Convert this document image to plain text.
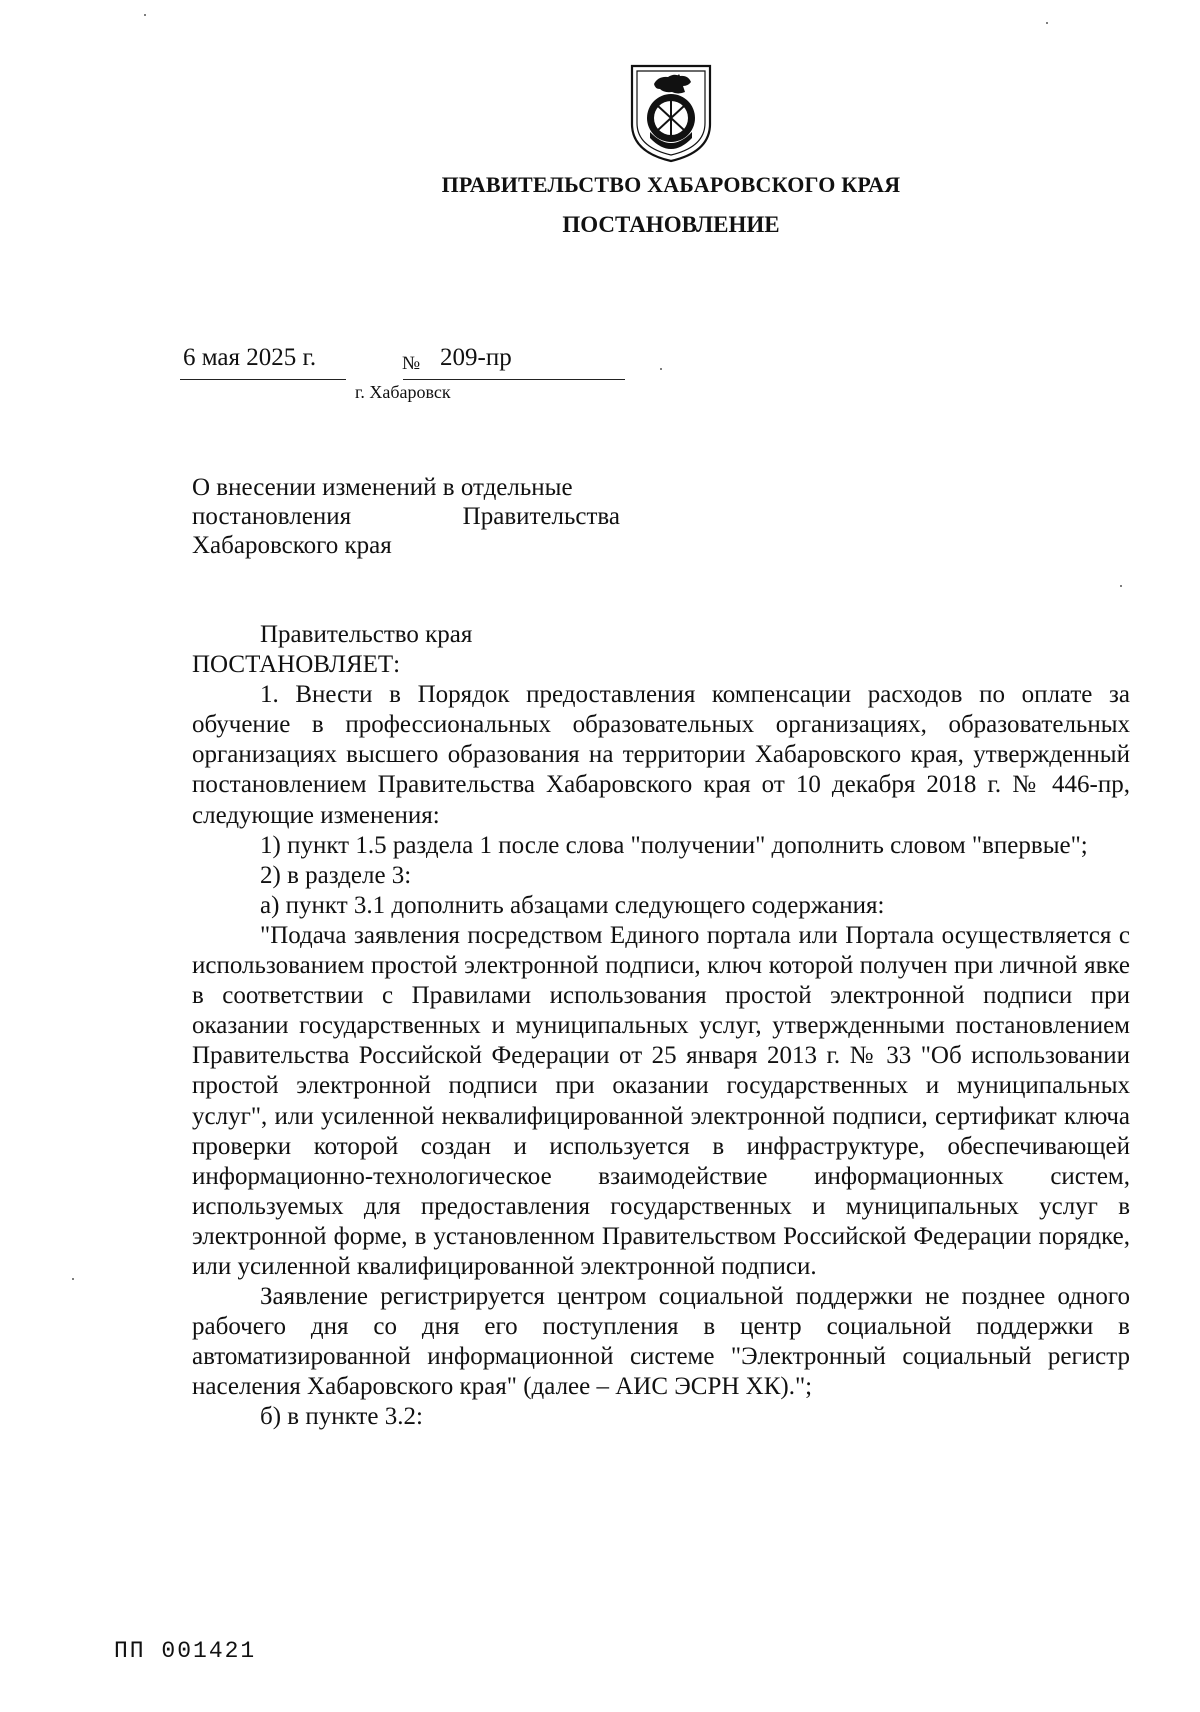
ПРАВИТЕЛЬСТВО ХАБАРОВСКОГО КРАЯ
ПОСТАНОВЛЕНИЕ
6 мая 2025 г.	№ 209-пр
г. Хабаровск
О внесении изменений в отдельные
постановления Правительства
Хабаровского края

Правительство края

ПОСТАНОВЛЯЕТ:

1. Внести в Порядок предоставления компенсации расходов по оплате за обучение в профессиональных образовательных организациях, образовательных организациях высшего образования на территории Хабаровского края, утвержденный постановлением Правительства Хабаровского края от 10 декабря 2018 г. № 446-пр, следующие изменения:

1) пункт 1.5 раздела 1 после слова "получении" дополнить словом "впервые";

2) в разделе 3:

а) пункт 3.1 дополнить абзацами следующего содержания:

"Подача заявления посредством Единого портала или Портала осуществляется с использованием простой электронной подписи, ключ которой получен при личной явке в соответствии с Правилами использования простой электронной подписи при оказании государственных и муниципальных услуг, утвержденными постановлением Правительства Российской Федерации от 25 января 2013 г. № 33 "Об использовании простой электронной подписи при оказании государственных и муниципальных услуг", или усиленной неквалифицированной электронной подписи, сертификат ключа проверки которой создан и используется в инфраструктуре, обеспечивающей информационно-технологическое взаимодействие информационных систем, используемых для предоставления государственных и муниципальных услуг в электронной форме, в установленном Правительством Российской Федерации порядке, или усиленной квалифицированной электронной подписи.

Заявление регистрируется центром социальной поддержки не позднее одного рабочего дня со дня его поступления в центр социальной поддержки в автоматизированной информационной системе "Электронный социальный регистр населения Хабаровского края" (далее – АИС ЭСРН ХК).";

б) в пункте 3.2:

ПП 001421
